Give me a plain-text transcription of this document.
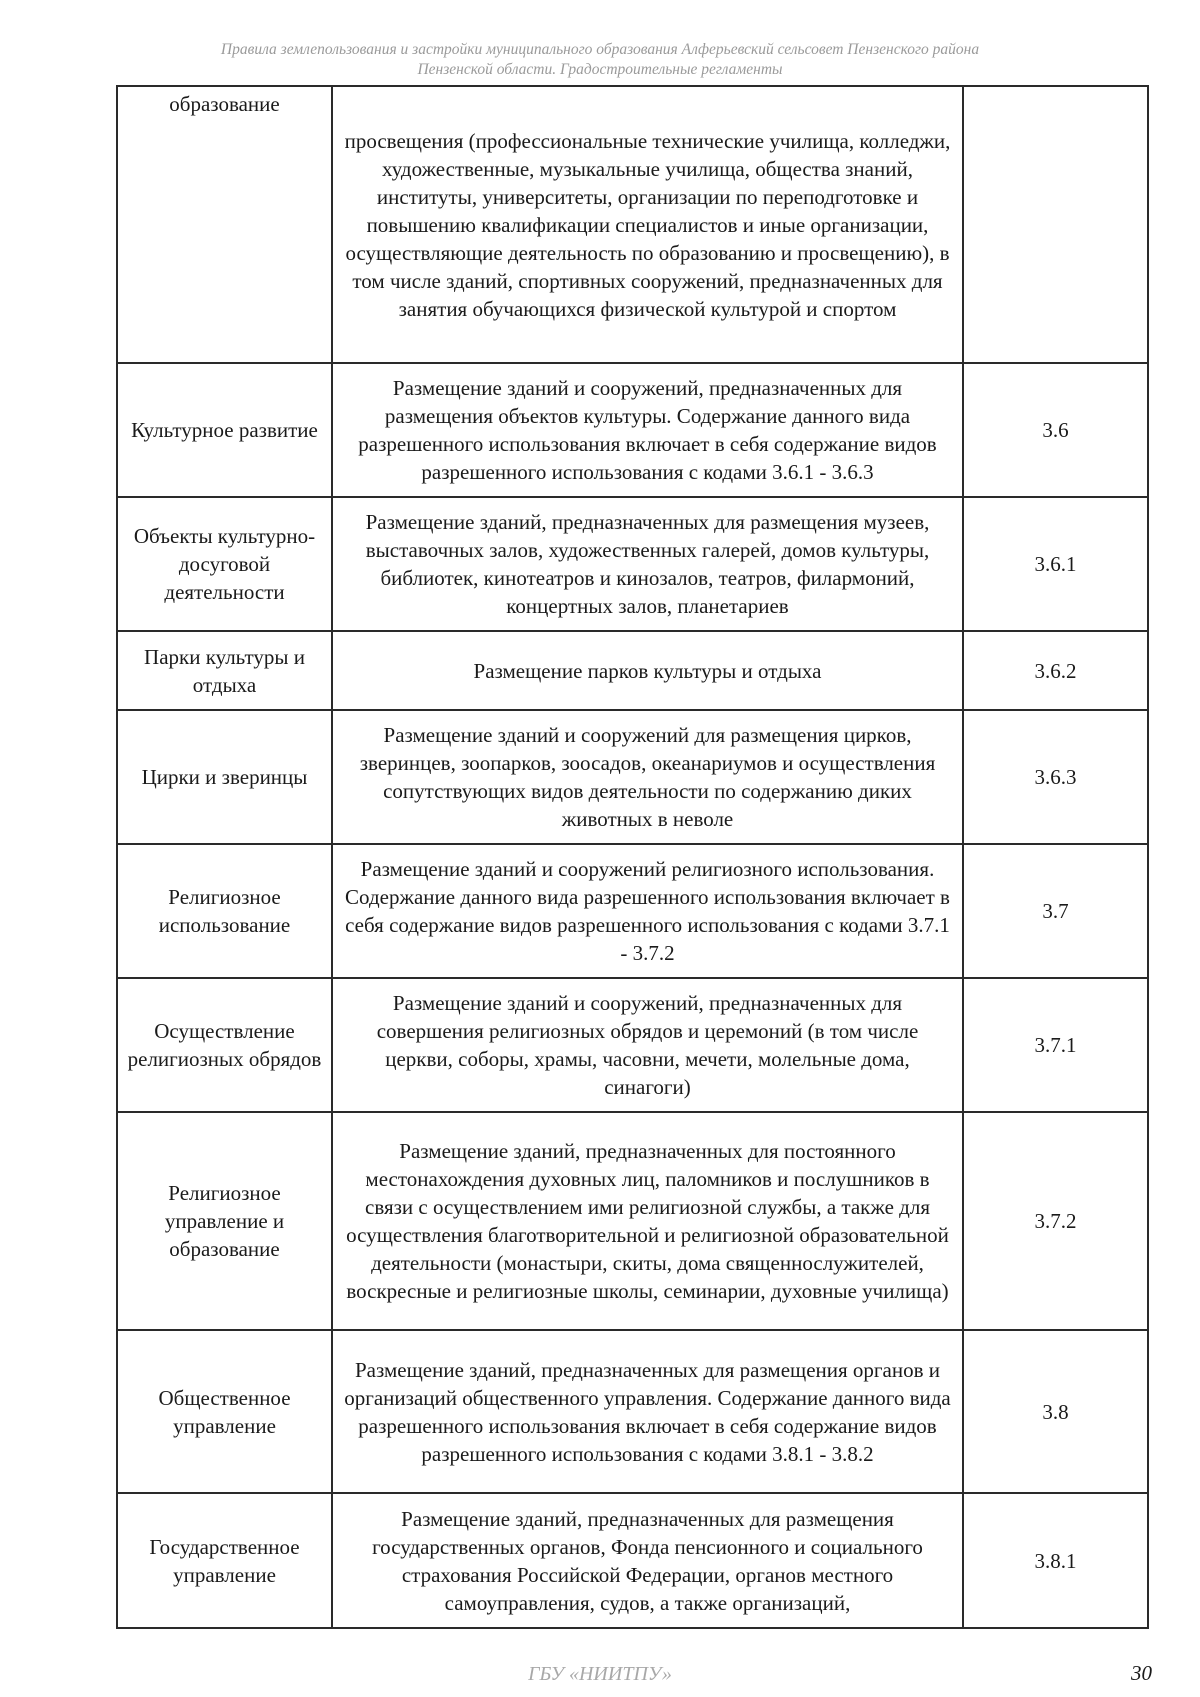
Правила землепользования и застройки муниципального образования Алферьевский сельсовет Пензенского района
Пензенской области. Градостроительные регламенты
образование	просвещения (профессиональные технические училища, колледжи, художественные, музыкальные училища, общества знаний, институты, университеты, организации по переподготовке и повышению квалификации специалистов и иные организации, осуществляющие деятельность по образованию и просвещению), в том числе зданий, спортивных сооружений, предназначенных для занятия обучающихся физической культурой и спортом	
Культурное развитие	Размещение зданий и сооружений, предназначенных для размещения объектов культуры. Содержание данного вида разрешенного использования включает в себя содержание видов разрешенного использования с кодами 3.6.1 - 3.6.3	3.6
Объекты культурно-досуговой деятельности	Размещение зданий, предназначенных для размещения музеев, выставочных залов, художественных галерей, домов культуры, библиотек, кинотеатров и кинозалов, театров, филармоний, концертных залов, планетариев	3.6.1
Парки культуры и отдыха	Размещение парков культуры и отдыха	3.6.2
Цирки и зверинцы	Размещение зданий и сооружений для размещения цирков, зверинцев, зоопарков, зоосадов, океанариумов и осуществления сопутствующих видов деятельности по содержанию диких животных в неволе	3.6.3
Религиозное использование	Размещение зданий и сооружений религиозного использования. Содержание данного вида разрешенного использования включает в себя содержание видов разрешенного использования с кодами 3.7.1 - 3.7.2	3.7
Осуществление религиозных обрядов	Размещение зданий и сооружений, предназначенных для совершения религиозных обрядов и церемоний (в том числе церкви, соборы, храмы, часовни, мечети, молельные дома, синагоги)	3.7.1
Религиозное управление и образование	Размещение зданий, предназначенных для постоянного местонахождения духовных лиц, паломников и послушников в связи с осуществлением ими религиозной службы, а также для осуществления благотворительной и религиозной образовательной деятельности (монастыри, скиты, дома священнослужителей, воскресные и религиозные школы, семинарии, духовные училища)	3.7.2
Общественное управление	Размещение зданий, предназначенных для размещения органов и организаций общественного управления. Содержание данного вида разрешенного использования включает в себя содержание видов разрешенного использования с кодами 3.8.1 - 3.8.2	3.8
Государственное управление	Размещение зданий, предназначенных для размещения государственных органов, Фонда пенсионного и социального страхования Российской Федерации, органов местного самоуправления, судов, а также организаций,	3.8.1
ГБУ «НИИТПУ»	30
